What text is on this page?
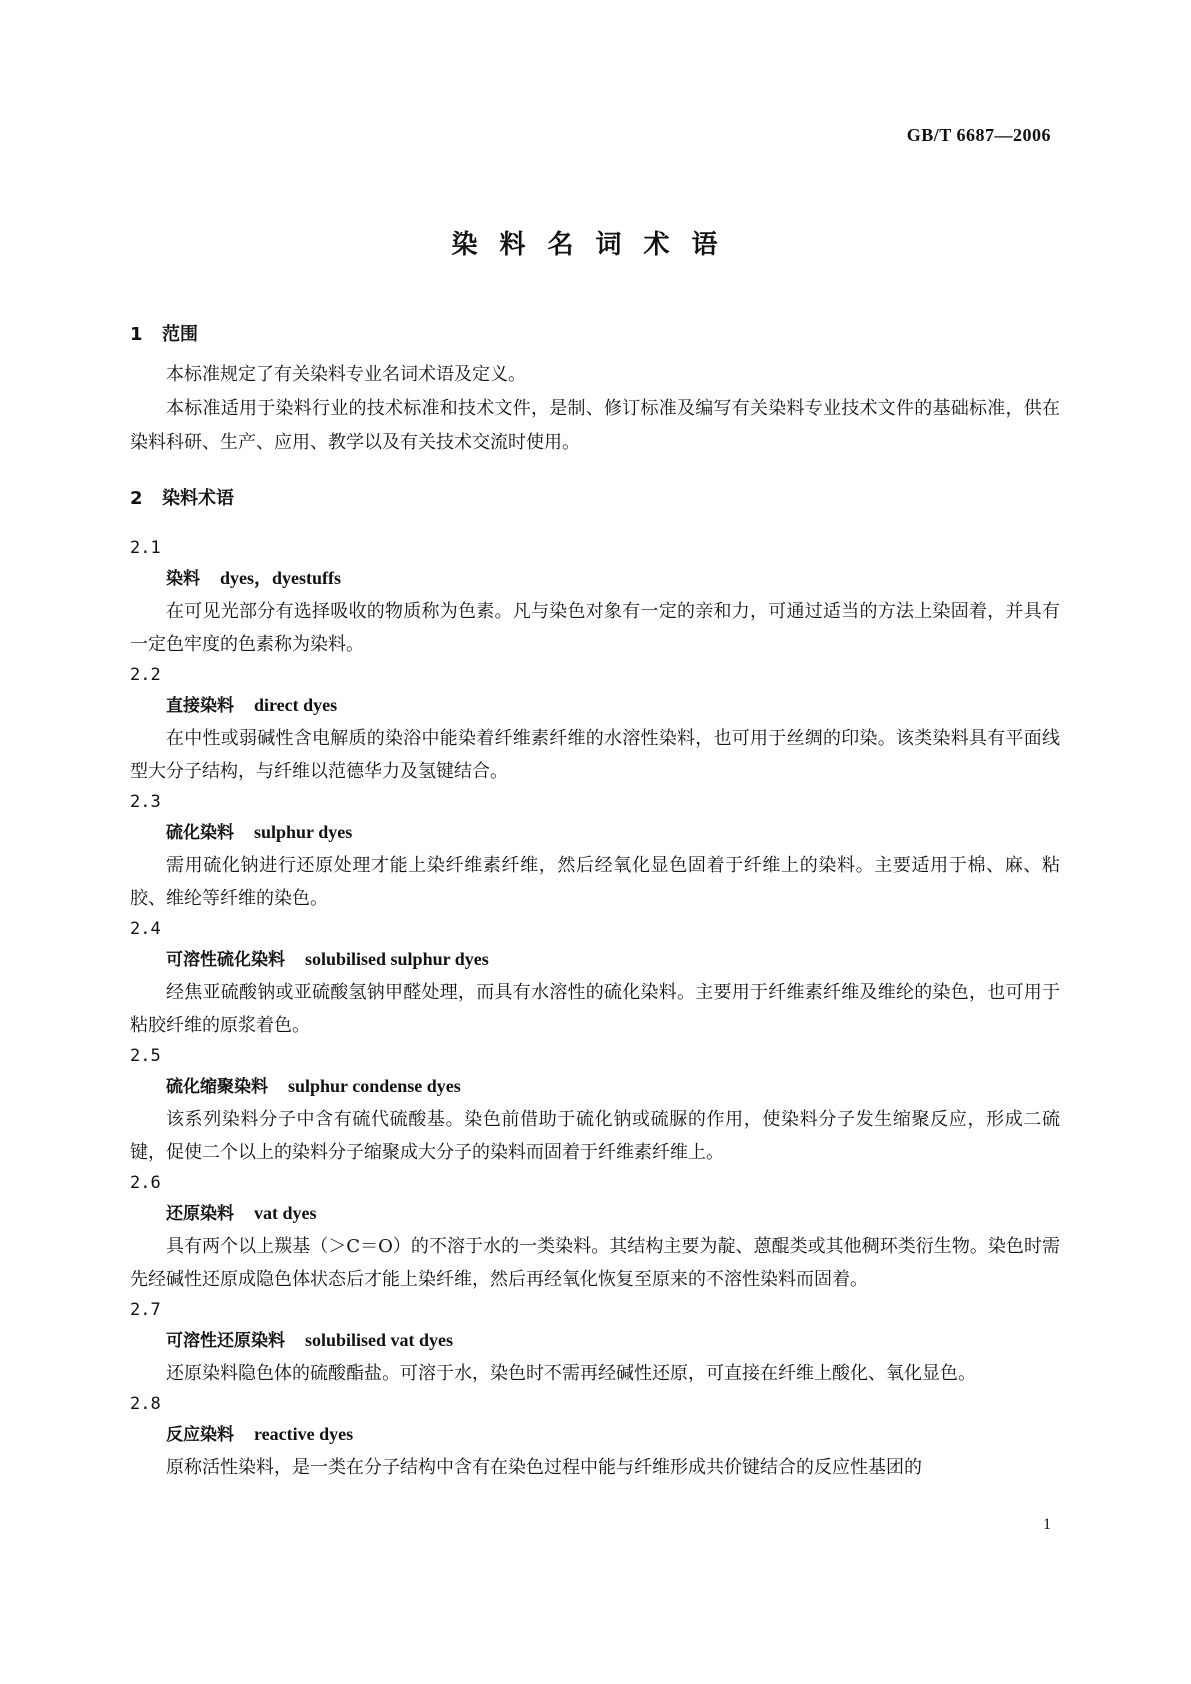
GB/T 6687—2006
染料名词术语

1 范围

本标准规定了有关染料专业名词术语及定义。

本标准适用于染料行业的技术标准和技术文件，是制、修订标准及编写有关染料专业技术文件的基础标准，供在染料科研、生产、应用、教学以及有关技术交流时使用。

2 染料术语

2.1

染料 dyes，dyestuffs

在可见光部分有选择吸收的物质称为色素。凡与染色对象有一定的亲和力，可通过适当的方法上染固着，并具有一定色牢度的色素称为染料。

2.2

直接染料 direct dyes

在中性或弱碱性含电解质的染浴中能染着纤维素纤维的水溶性染料，也可用于丝绸的印染。该类染料具有平面线型大分子结构，与纤维以范德华力及氢键结合。

2.3

硫化染料 sulphur dyes

需用硫化钠进行还原处理才能上染纤维素纤维，然后经氧化显色固着于纤维上的染料。主要适用于棉、麻、粘胶、维纶等纤维的染色。

2.4

可溶性硫化染料 solubilised sulphur dyes

经焦亚硫酸钠或亚硫酸氢钠甲醛处理，而具有水溶性的硫化染料。主要用于纤维素纤维及维纶的染色，也可用于粘胶纤维的原浆着色。

2.5

硫化缩聚染料 sulphur condense dyes

该系列染料分子中含有硫代硫酸基。染色前借助于硫化钠或硫脲的作用，使染料分子发生缩聚反应，形成二硫键，促使二个以上的染料分子缩聚成大分子的染料而固着于纤维素纤维上。

2.6

还原染料 vat dyes

具有两个以上羰基（＞C＝O）的不溶于水的一类染料。其结构主要为靛、蒽醌类或其他稠环类衍生物。染色时需先经碱性还原成隐色体状态后才能上染纤维，然后再经氧化恢复至原来的不溶性染料而固着。

2.7

可溶性还原染料 solubilised vat dyes

还原染料隐色体的硫酸酯盐。可溶于水，染色时不需再经碱性还原，可直接在纤维上酸化、氧化显色。

2.8

反应染料 reactive dyes

原称活性染料，是一类在分子结构中含有在染色过程中能与纤维形成共价键结合的反应性基团的

1
